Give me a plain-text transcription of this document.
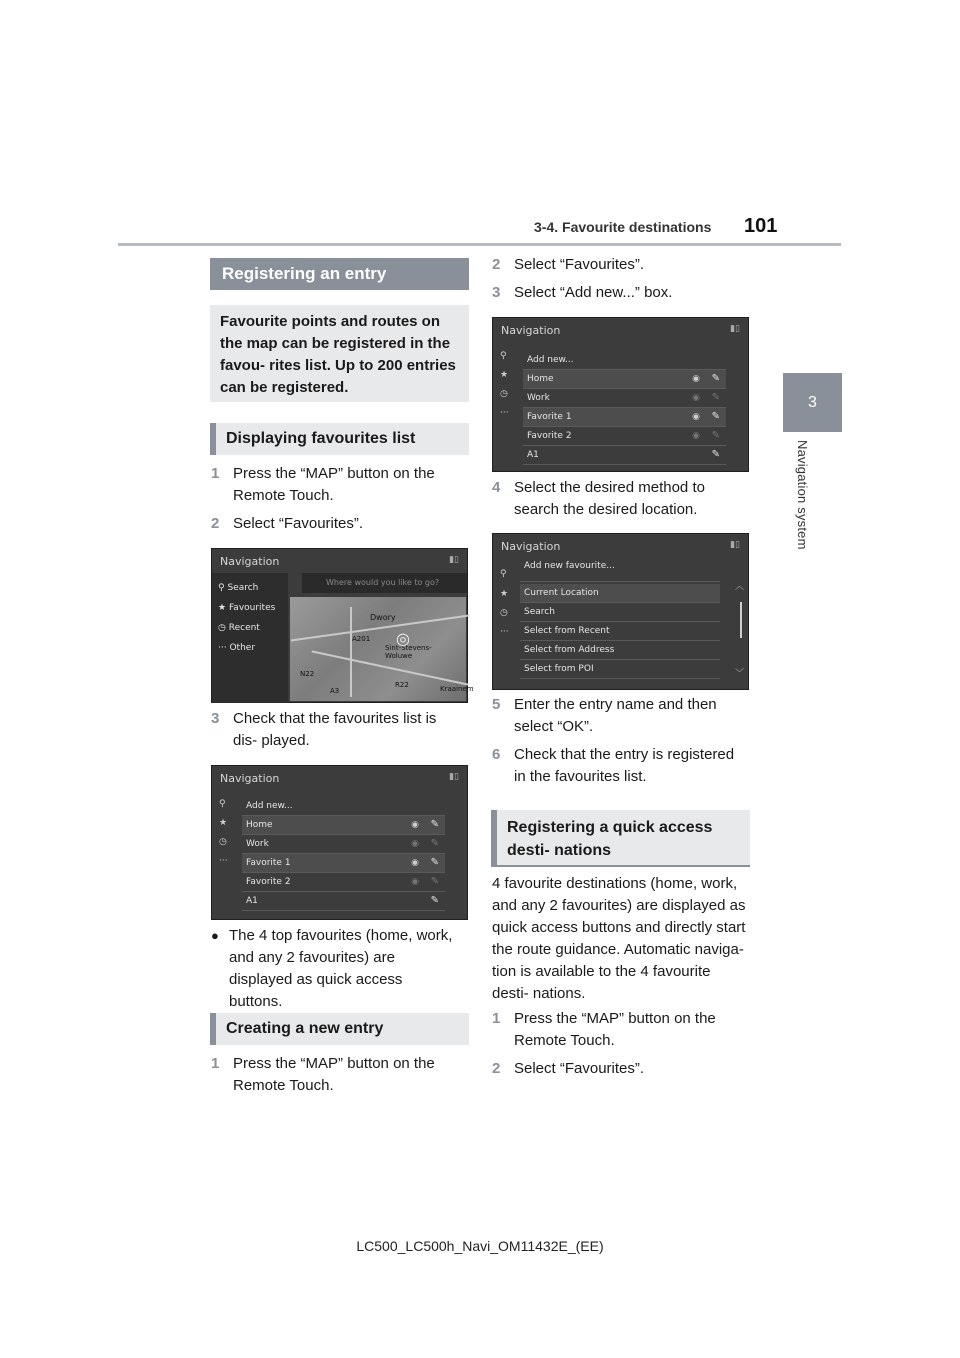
3-4. Favourite destinations 101
3
Navigation system
Registering an entry
Favourite points and routes on the map can be registered in the favou- rites list. Up to 200 entries can be registered.
Displaying favourites list
1 Press the “MAP” button on the Remote Touch.
2 Select “Favourites”.
Navigation	▮▯
⚲ Search
★ Favourites
◷ Recent
··· Other
Where would you like to go?
Dwory
Sint-Stevens-Woluwe
Kraainem
A201
N22
A3
R22
◎
3 Check that the favourites list is dis- played.
Navigation	▮▯
⚲
★
◷
···
Add new...
Home	◉ ✎
Work	◉ ✎
Favorite 1	◉ ✎
Favorite 2	◉ ✎
A1	✎
● The 4 top favourites (home, work, and any 2 favourites) are displayed as quick access buttons.
Creating a new entry
1 Press the “MAP” button on the Remote Touch.
2 Select “Favourites”.
3 Select “Add new...” box.
Navigation	▮▯
⚲
★
◷
···
Add new...
Home	◉ ✎
Work	◉ ✎
Favorite 1	◉ ✎
Favorite 2	◉ ✎
A1	✎
4 Select the desired method to search the desired location.
Navigation	▮▯
⚲
★
◷
···
Add new favourite...
Current Location
Search
Select from Recent
Select from Address
Select from POI
︿
﹀
5 Enter the entry name and then select “OK”.
6 Check that the entry is registered in the favourites list.
Registering a quick access desti- nations
4 favourite destinations (home, work, and any 2 favourites) are displayed as quick access buttons and directly start the route guidance. Automatic naviga- tion is available to the 4 favourite desti- nations.
1 Press the “MAP” button on the Remote Touch.
2 Select “Favourites”.
LC500_LC500h_Navi_OM11432E_(EE)
